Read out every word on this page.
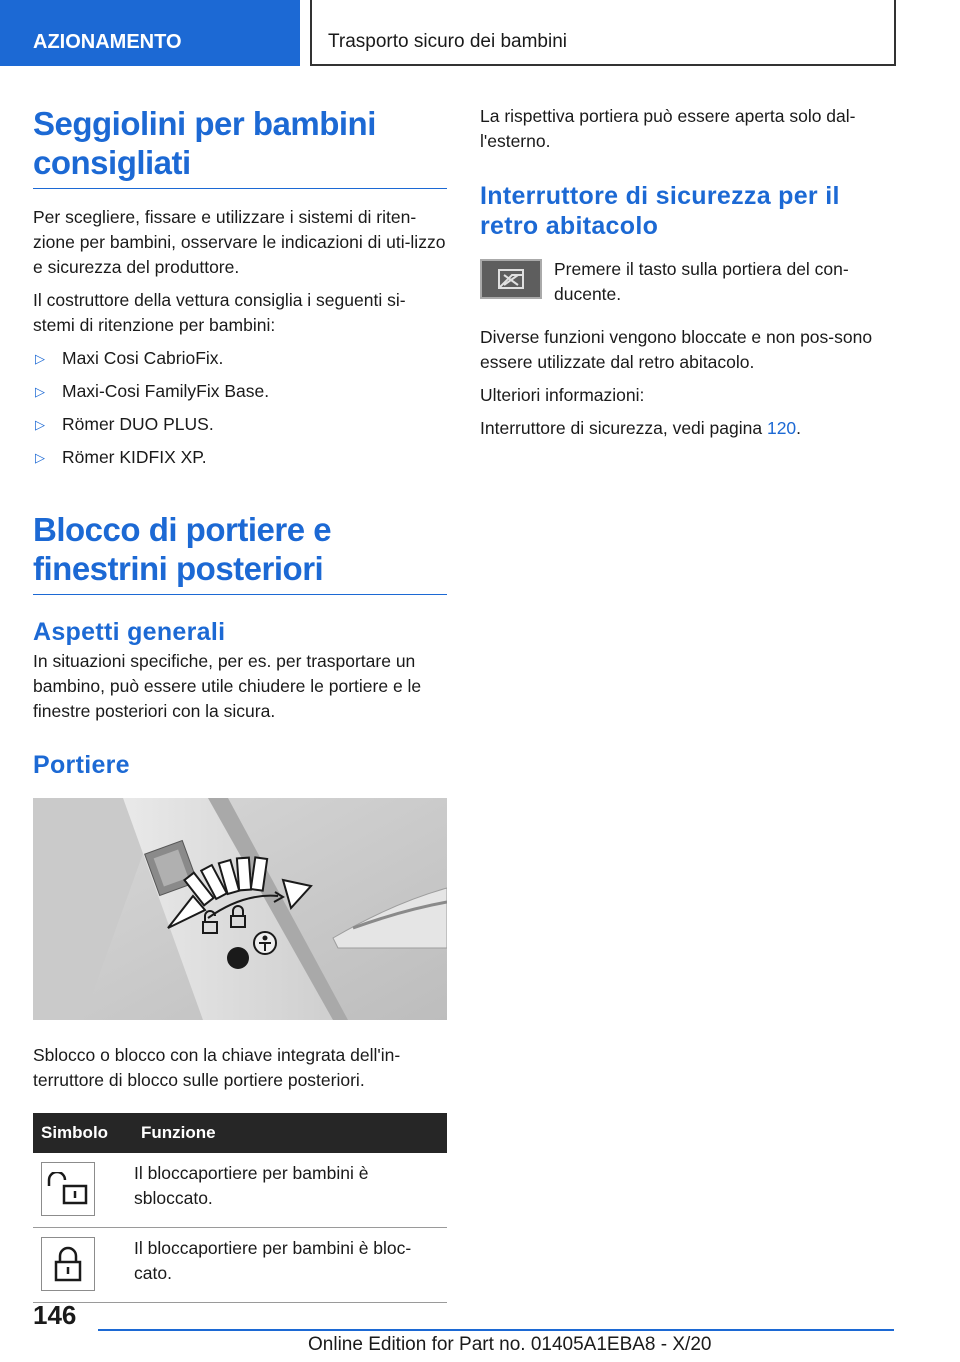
AZIONAMENTO	Trasporto sicuro dei bambini
Seggiolini per bambini consigliati

Per scegliere, fissare e utilizzare i sistemi di riten-zione per bambini, osservare le indicazioni di uti-lizzo e sicurezza del produttore.

Il costruttore della vettura consiglia i seguenti si-stemi di ritenzione per bambini:

▷ Maxi Cosi CabrioFix.
▷ Maxi-Cosi FamilyFix Base.
▷ Römer DUO PLUS.
▷ Römer KIDFIX XP.
Blocco di portiere e finestrini posteriori
Aspetti generali

In situazioni specifiche, per es. per trasportare un bambino, può essere utile chiudere le portiere e le finestre posteriori con la sicura.

Portiere

Sblocco o blocco con la chiave integrata dell'in-terruttore di blocco sulle portiere posteriori.

Simbolo	Funzione

	Il bloccaportiere per bambini è sbloccato.

	Il bloccaportiere per bambini è bloc-cato.

La rispettiva portiera può essere aperta solo dal-l'esterno.

Interruttore di sicurezza per il retro abitacolo

Premere il tasto sulla portiera del con-ducente.

Diverse funzioni vengono bloccate e non pos-sono essere utilizzate dal retro abitacolo.

Ulteriori informazioni:

Interruttore di sicurezza, vedi pagina 120.

146
Online Edition for Part no. 01405A1EBA8 - X/20
